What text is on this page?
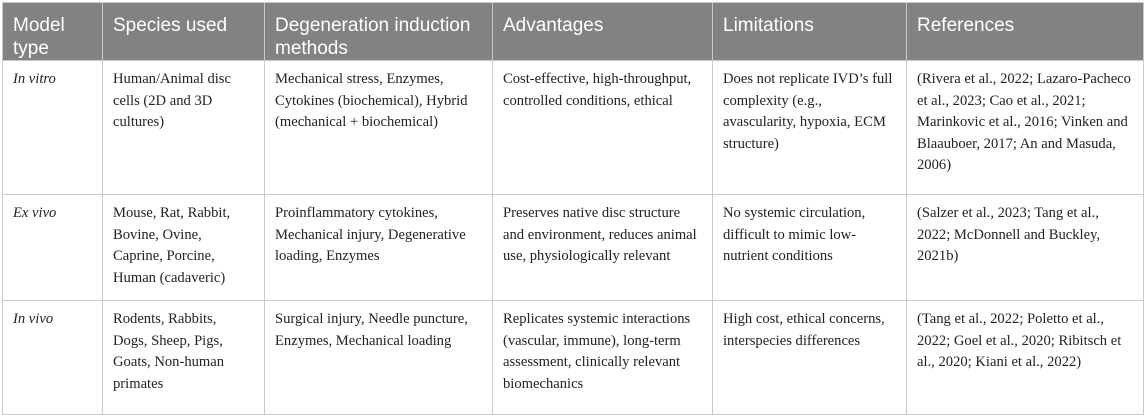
Model type	Species used	Degeneration induction methods	Advantages	Limitations	References
In vitro	Human/Animal disc cells (2D and 3D cultures)	Mechanical stress, Enzymes, Cytokines (biochemical), Hybrid (mechanical + biochemical)	Cost-effective, high-throughput, controlled conditions, ethical	Does not replicate IVD’s full complexity (e.g., avascularity, hypoxia, ECM structure)	(Rivera et al., 2022; Lazaro-Pacheco et al., 2023; Cao et al., 2021; Marinkovic et al., 2016; Vinken and Blaauboer, 2017; An and Masuda, 2006)
Ex vivo	Mouse, Rat, Rabbit, Bovine, Ovine, Caprine, Porcine, Human (cadaveric)	Proinflammatory cytokines, Mechanical injury, Degenerative loading, Enzymes	Preserves native disc structure and environment, reduces animal use, physiologically relevant	No systemic circulation, difficult to mimic low-nutrient conditions	(Salzer et al., 2023; Tang et al., 2022; McDonnell and Buckley, 2021b)
In vivo	Rodents, Rabbits, Dogs, Sheep, Pigs, Goats, Non-human primates	Surgical injury, Needle puncture, Enzymes, Mechanical loading	Replicates systemic interactions (vascular, immune), long-term assessment, clinically relevant biomechanics	High cost, ethical concerns, interspecies differences	(Tang et al., 2022; Poletto et al., 2022; Goel et al., 2020; Ribitsch et al., 2020; Kiani et al., 2022)
